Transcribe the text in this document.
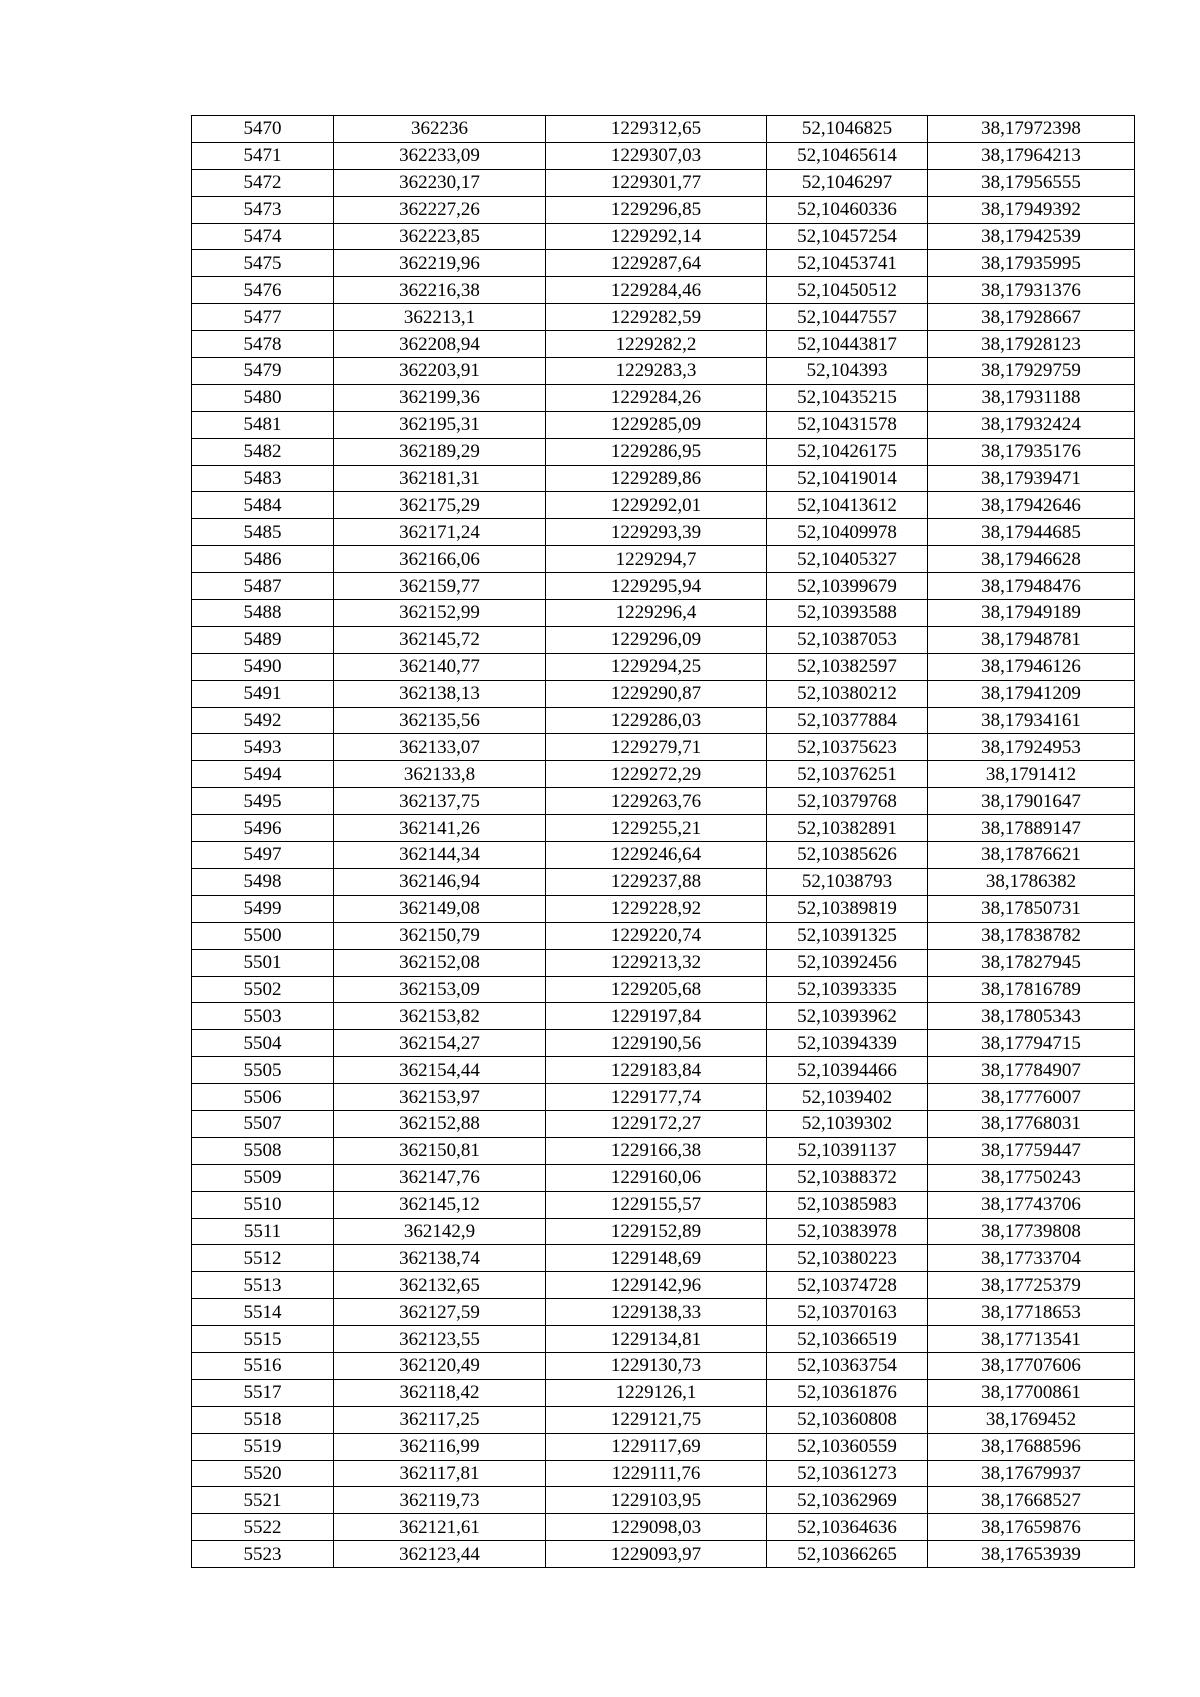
5470	362236	1229312,65	52,1046825	38,17972398
5471	362233,09	1229307,03	52,10465614	38,17964213
5472	362230,17	1229301,77	52,1046297	38,17956555
5473	362227,26	1229296,85	52,10460336	38,17949392
5474	362223,85	1229292,14	52,10457254	38,17942539
5475	362219,96	1229287,64	52,10453741	38,17935995
5476	362216,38	1229284,46	52,10450512	38,17931376
5477	362213,1	1229282,59	52,10447557	38,17928667
5478	362208,94	1229282,2	52,10443817	38,17928123
5479	362203,91	1229283,3	52,104393	38,17929759
5480	362199,36	1229284,26	52,10435215	38,17931188
5481	362195,31	1229285,09	52,10431578	38,17932424
5482	362189,29	1229286,95	52,10426175	38,17935176
5483	362181,31	1229289,86	52,10419014	38,17939471
5484	362175,29	1229292,01	52,10413612	38,17942646
5485	362171,24	1229293,39	52,10409978	38,17944685
5486	362166,06	1229294,7	52,10405327	38,17946628
5487	362159,77	1229295,94	52,10399679	38,17948476
5488	362152,99	1229296,4	52,10393588	38,17949189
5489	362145,72	1229296,09	52,10387053	38,17948781
5490	362140,77	1229294,25	52,10382597	38,17946126
5491	362138,13	1229290,87	52,10380212	38,17941209
5492	362135,56	1229286,03	52,10377884	38,17934161
5493	362133,07	1229279,71	52,10375623	38,17924953
5494	362133,8	1229272,29	52,10376251	38,1791412
5495	362137,75	1229263,76	52,10379768	38,17901647
5496	362141,26	1229255,21	52,10382891	38,17889147
5497	362144,34	1229246,64	52,10385626	38,17876621
5498	362146,94	1229237,88	52,1038793	38,1786382
5499	362149,08	1229228,92	52,10389819	38,17850731
5500	362150,79	1229220,74	52,10391325	38,17838782
5501	362152,08	1229213,32	52,10392456	38,17827945
5502	362153,09	1229205,68	52,10393335	38,17816789
5503	362153,82	1229197,84	52,10393962	38,17805343
5504	362154,27	1229190,56	52,10394339	38,17794715
5505	362154,44	1229183,84	52,10394466	38,17784907
5506	362153,97	1229177,74	52,1039402	38,17776007
5507	362152,88	1229172,27	52,1039302	38,17768031
5508	362150,81	1229166,38	52,10391137	38,17759447
5509	362147,76	1229160,06	52,10388372	38,17750243
5510	362145,12	1229155,57	52,10385983	38,17743706
5511	362142,9	1229152,89	52,10383978	38,17739808
5512	362138,74	1229148,69	52,10380223	38,17733704
5513	362132,65	1229142,96	52,10374728	38,17725379
5514	362127,59	1229138,33	52,10370163	38,17718653
5515	362123,55	1229134,81	52,10366519	38,17713541
5516	362120,49	1229130,73	52,10363754	38,17707606
5517	362118,42	1229126,1	52,10361876	38,17700861
5518	362117,25	1229121,75	52,10360808	38,1769452
5519	362116,99	1229117,69	52,10360559	38,17688596
5520	362117,81	1229111,76	52,10361273	38,17679937
5521	362119,73	1229103,95	52,10362969	38,17668527
5522	362121,61	1229098,03	52,10364636	38,17659876
5523	362123,44	1229093,97	52,10366265	38,17653939
